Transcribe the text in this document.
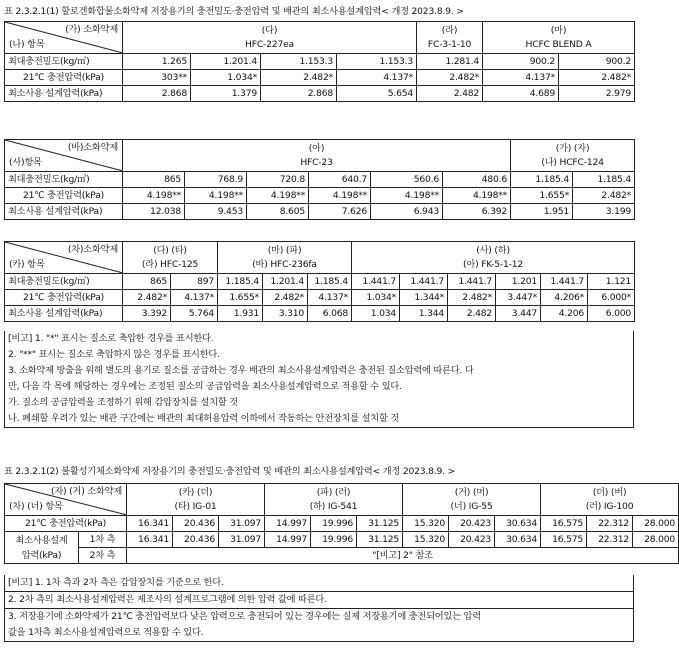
표 2.3.2.1(1) 할로겐화합물소화약제 저장용기의 충전밀도·충전압력 및 배관의 최소사용설계압력< 개정 2023.8.9. >
(가) 소화약제
(나) 항목	(다)
HFC-227ea				(라)
FC-3-1-10	(마)
HCFC BLEND A	
최대충전밀도(kg/㎥)	1.265	1.201.4	1.153.3	1.153.3	1.281.4	900.2	900.2
21℃ 충전압력(kPa)	303**	1.034*	2.482*	4.137*	2.482*	4.137*	2.482*
최소사용 설계압력(kPa)	2.868	1.379	2.868	5.654	2.482	4.689	2.979
(바)소화약제
(사)항목	(아)
HFC-23						(가) (자)
(나) HCFC-124	
최대충전밀도(kg/㎥)	865	768.9	720.8	640.7	560.6	480.6	1.185.4	1.185.4
21℃ 충전압력(kPa)	4.198**	4.198**	4.198**	4.198**	4.198**	4.198**	1.655*	2.482*
최소사용 설계압력(kPa)	12.038	9.453	8.605	7.626	6.943	6.392	1.951	3.199
(차)소화약제
(카) 항목	(다) (타)
(라) HFC-125		(마) (파)
(바) HFC-236fa			(사) (하)
(아) FK-5-1-12					
최대충전밀도(kg/㎥)	865	897	1.185.4	1.201.4	1.185.4	1.441.7	1.441.7	1.441.7	1.201	1.441.7	1.121
21℃ 충전압력(kPa)	2.482*	4.137*	1.655*	2.482*	4.137*	1.034*	1.344*	2.482*	3.447*	4.206*	6.000*
최소사용 설계압력(kPa)	3.392	5.764	1.931	3.310	6.068	1.034	1.344	2.482	3.447	4.206	6.000
[비고] 1. "*" 표시는 질소로 축압한 경우를 표시한다.
2. "**" 표시는 질소로 축압하지 않은 경우를 표시한다.
3. 소화약제 방출을 위해 별도의 용기로 질소를 공급하는 경우 배관의 최소사용설계압력은 충전된 질소압력에 따른다. 다
만, 다음 각 목에 해당하는 경우에는 조정된 질소의 공급압력을 최소사용설계압력으로 적용할 수 있다.
가. 질소의 공급압력을 조정하기 위해 감압장치를 설치할 것
나. 폐쇄할 우려가 있는 배관 구간에는 배관의 최대허용압력 이하에서 작동하는 안전장치를 설치할 것
표 2.3.2.1(2) 불활성기체소화약제 저장용기의 충전밀도·충전압력 및 배관의 최소사용설계압력< 개정 2023.8.9. >
(자) (거) 소화약제
(차) (너) 항목		(카) (더)
(타) IG-01			(파) (러)
(하) IG-541			(거) (머)
(너) IG-55			(더) (버)
(러) IG-100		
21℃ 충전압력(kPa)		16.341	20.436	31.097	14.997	19.996	31.125	15.320	20.423	30.634	16.575	22.312	28.000
최소사용설계
압력(kPa)	1차 측	16.341	20.436	31.097	14.997	19.996	31.125	15.320	20.423	30.634	16.575	22.312	28.000
	2차 측	"[비고] 2" 참조											
[비고] 1. 1차 측과 2차 측은 감압장치를 기준으로 한다.
2. 2차 측의 최소사용설계압력은 제조사의 설계프로그램에 의한 압력 값에 따른다.
3. 저장용기에 소화약제가 21℃ 충전압력보다 낮은 압력으로 충전되어 있는 경우에는 실제 저장용기에 충전되어있는 압력
값을 1차측 최소사용설계압력으로 적용할 수 있다.
